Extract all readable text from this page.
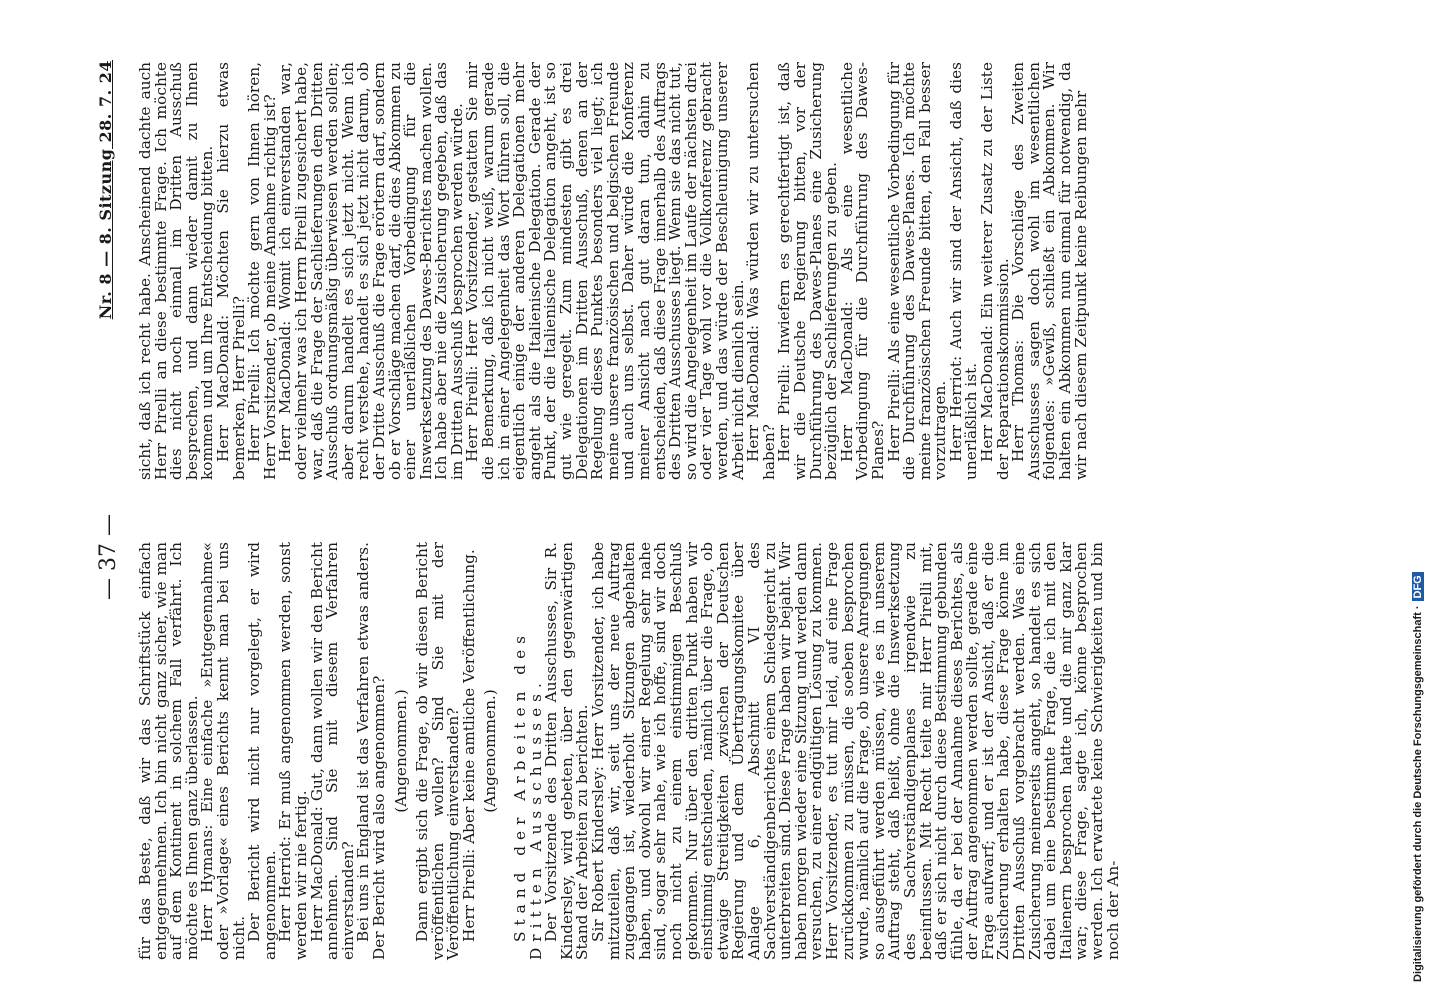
— 37 —
Nr. 8 — 8. Sitzung 28. 7. 24

für das Beste, daß wir das Schriftstück einfach entgegennehmen. Ich bin nicht ganz sicher, wie man auf dem Kontinent in solchem Fall verfährt. Ich möchte es Ihnen ganz überlassen.

Herr Hymans: Eine einfache »Entgegennahme« oder »Vorlage« eines Berichts kennt man bei uns nicht.

Der Bericht wird nicht nur vorgelegt, er wird angenommen.

Herr Herriot: Er muß angenommen werden, sonst werden wir nie fertig.

Herr MacDonald: Gut, dann wollen wir den Bericht annehmen. Sind Sie mit diesem Verfahren einverstanden?

Bei uns in England ist das Verfahren etwas anders. Der Bericht wird also angenommen? (Angenommen.) Dann ergibt sich die Frage, ob wir diesen Bericht veröffentlichen wollen? Sind Sie mit der Veröffentlichung einverstanden?

Herr Pirelli: Aber keine amtliche Veröffentlichung. (Angenommen.) Stand der Arbeiten des Dritten Ausschusses.

Der Vorsitzende des Dritten Ausschusses, Sir R. Kindersley, wird gebeten, über den gegenwärtigen Stand der Arbeiten zu berichten.

Sir Robert Kindersley: Herr Vorsitzender, ich habe mitzuteilen, daß wir, seit uns der neue Auftrag zugegangen ist, wiederholt Sitzungen abgehalten haben, und obwohl wir einer Regelung sehr nahe sind, sogar sehr nahe, wie ich hoffe, sind wir doch noch nicht zu einem einstimmigen Beschluß gekommen. Nur über den dritten Punkt haben wir einstimmig entschieden, nämlich über die Frage, ob etwaige Streitigkeiten zwischen der Deutschen Regierung und dem Übertragungskomitee über Anlage 6, Abschnitt VI des Sachverständigenberichtes einem Schiedsgericht zu unterbreiten sind. Diese Frage haben wir bejaht. Wir haben morgen wieder eine Sitzung und werden dann versuchen, zu einer endgültigen Lösung zu kommen. Herr Vorsitzender, es tut mir leid, auf eine Frage zurückkommen zu müssen, die soeben besprochen wurde, nämlich auf die Frage, ob unsere Anregungen so ausgeführt werden müssen, wie es in unserem Auftrag steht, daß heißt, ohne die Inswerksetzung des Sachverständigenplanes irgendwie zu beeinflussen. Mit Recht teilte mir Herr Pirelli mit, daß er sich nicht durch diese Bestimmung gebunden fühle, da er bei der Annahme dieses Berichtes, als der Auftrag angenommen werden sollte, gerade eine Frage aufwarf; und er ist der Ansicht, daß er die Zusicherung erhalten habe, diese Frage könne im Dritten Ausschuß vorgebracht werden. Was eine Zusicherung meinerseits angeht, so handelt es sich dabei um eine bestimmte Frage, die ich mit den Italienern besprochen hatte und die mir ganz klar war; diese Frage, sagte ich, könne besprochen werden. Ich erwartete keine Schwierigkeiten und bin noch der An-

sicht, daß ich recht habe. Anscheinend dachte auch Herr Pirelli an diese bestimmte Frage. Ich möchte dies nicht noch einmal im Dritten Ausschuß besprechen, und dann wieder damit zu Ihnen kommen und um Ihre Entscheidung bitten.

Herr MacDonald: Möchten Sie hierzu etwas bemerken, Herr Pirelli?

Herr Pirelli: Ich möchte gern von Ihnen hören, Herr Vorsitzender, ob meine Annahme richtig ist?

Herr MacDonald: Womit ich einverstanden war, oder vielmehr was ich Herrn Pirelli zugesichert habe, war, daß die Frage der Sachlieferungen dem Dritten Ausschuß ordnungsmäßig überwiesen werden sollen; aber darum handelt es sich jetzt nicht. Wenn ich recht verstehe, handelt es sich jetzt nicht darum, ob der Dritte Ausschuß die Frage erörtern darf, sondern ob er Vorschläge machen darf, die dies Abkommen zu einer unerläßlichen Vorbedingung für die Inswerksetzung des Dawes-Berichtes machen wollen. Ich habe aber nie die Zusicherung gegeben, daß das im Dritten Ausschuß besprochen werden würde.

Herr Pirelli: Herr Vorsitzender, gestatten Sie mir die Bemerkung, daß ich nicht weiß, warum gerade ich in einer Angelegenheit das Wort führen soll, die eigentlich einige der anderen Delegationen mehr angeht als die Italienische Delegation. Gerade der Punkt, der die Italienische Delegation angeht, ist so gut wie geregelt. Zum mindesten gibt es drei Delegationen im Dritten Ausschuß, denen an der Regelung dieses Punktes besonders viel liegt; ich meine unsere französischen und belgischen Freunde und auch uns selbst. Daher würde die Konferenz meiner Ansicht nach gut daran tun, dahin zu entscheiden, daß diese Frage innerhalb des Auftrags des Dritten Ausschusses liegt. Wenn sie das nicht tut, so wird die Angelegenheit im Laufe der nächsten drei oder vier Tage wohl vor die Vollkonferenz gebracht werden, und das würde der Beschleunigung unserer Arbeit nicht dienlich sein.

Herr MacDonald: Was würden wir zu untersuchen haben?

Herr Pirelli: Inwiefern es gerechtfertigt ist, daß wir die Deutsche Regierung bitten, vor der Durchführung des Dawes-Planes eine Zusicherung bezüglich der Sachlieferungen zu geben.

Herr MacDonald: Als eine wesentliche Vorbedingung für die Durchführung des Dawes-Planes?

Herr Pirelli: Als eine wesentliche Vorbedingung für die Durchführung des Dawes-Planes. Ich möchte meine französischen Freunde bitten, den Fall besser vorzutragen.

Herr Herriot: Auch wir sind der Ansicht, daß dies unerläßlich ist.

Herr MacDonald: Ein weiterer Zusatz zu der Liste der Reparationskommission.

Herr Thomas: Die Vorschläge des Zweiten Ausschusses sagen doch wohl im wesentlichen folgendes: »Gewiß, schließt ein Abkommen. Wir halten ein Abkommen nun einmal für notwendig, da wir nach diesem Zeitpunkt keine Reibungen mehr

Digitalisierung gefördert durch die Deutsche Forschungsgemeinschaft ·DFG
